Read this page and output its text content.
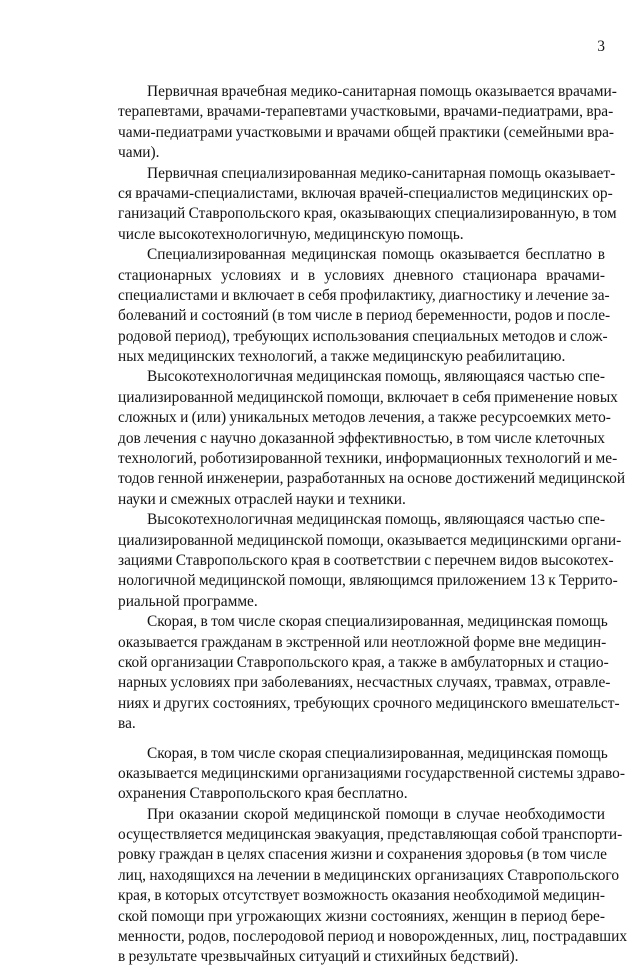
3
Первичная врачебная медико-санитарная помощь оказывается врачами-
терапевтами, врачами-терапевтами участковыми, врачами-педиатрами, вра-
чами-педиатрами участковыми и врачами общей практики (семейными вра-
чами).
Первичная специализированная медико-санитарная помощь оказывает-
ся врачами-специалистами, включая врачей-специалистов медицинских ор-
ганизаций Ставропольского края, оказывающих специализированную, в том
числе высокотехнологичную, медицинскую помощь.
Специализированная медицинская помощь оказывается бесплатно в
стационарных условиях и в условиях дневного стационара врачами-
специалистами и включает в себя профилактику, диагностику и лечение за-
болеваний и состояний (в том числе в период беременности, родов и после-
родовой период), требующих использования специальных методов и слож-
ных медицинских технологий, а также медицинскую реабилитацию.
Высокотехнологичная медицинская помощь, являющаяся частью спе-
циализированной медицинской помощи, включает в себя применение новых
сложных и (или) уникальных методов лечения, а также ресурсоемких мето-
дов лечения с научно доказанной эффективностью, в том числе клеточных
технологий, роботизированной техники, информационных технологий и ме-
тодов генной инженерии, разработанных на основе достижений медицинской
науки и смежных отраслей науки и техники.
Высокотехнологичная медицинская помощь, являющаяся частью спе-
циализированной медицинской помощи, оказывается медицинскими органи-
зациями Ставропольского края в соответствии с перечнем видов высокотех-
нологичной медицинской помощи, являющимся приложением 13 к Террито-
риальной программе.
Скорая, в том числе скорая специализированная, медицинская помощь
оказывается гражданам в экстренной или неотложной форме вне медицин-
ской организации Ставропольского края, а также в амбулаторных и стацио-
нарных условиях при заболеваниях, несчастных случаях, травмах, отравле-
ниях и других состояниях, требующих срочного медицинского вмешательст-
ва.
Скорая, в том числе скорая специализированная, медицинская помощь
оказывается медицинскими организациями государственной системы здраво-
охранения Ставропольского края бесплатно.
При оказании скорой медицинской помощи в случае необходимости
осуществляется медицинская эвакуация, представляющая собой транспорти-
ровку граждан в целях спасения жизни и сохранения здоровья (в том числе
лиц, находящихся на лечении в медицинских организациях Ставропольского
края, в которых отсутствует возможность оказания необходимой медицин-
ской помощи при угрожающих жизни состояниях, женщин в период бере-
менности, родов, послеродовой период и новорожденных, лиц, пострадавших
в результате чрезвычайных ситуаций и стихийных бедствий).
